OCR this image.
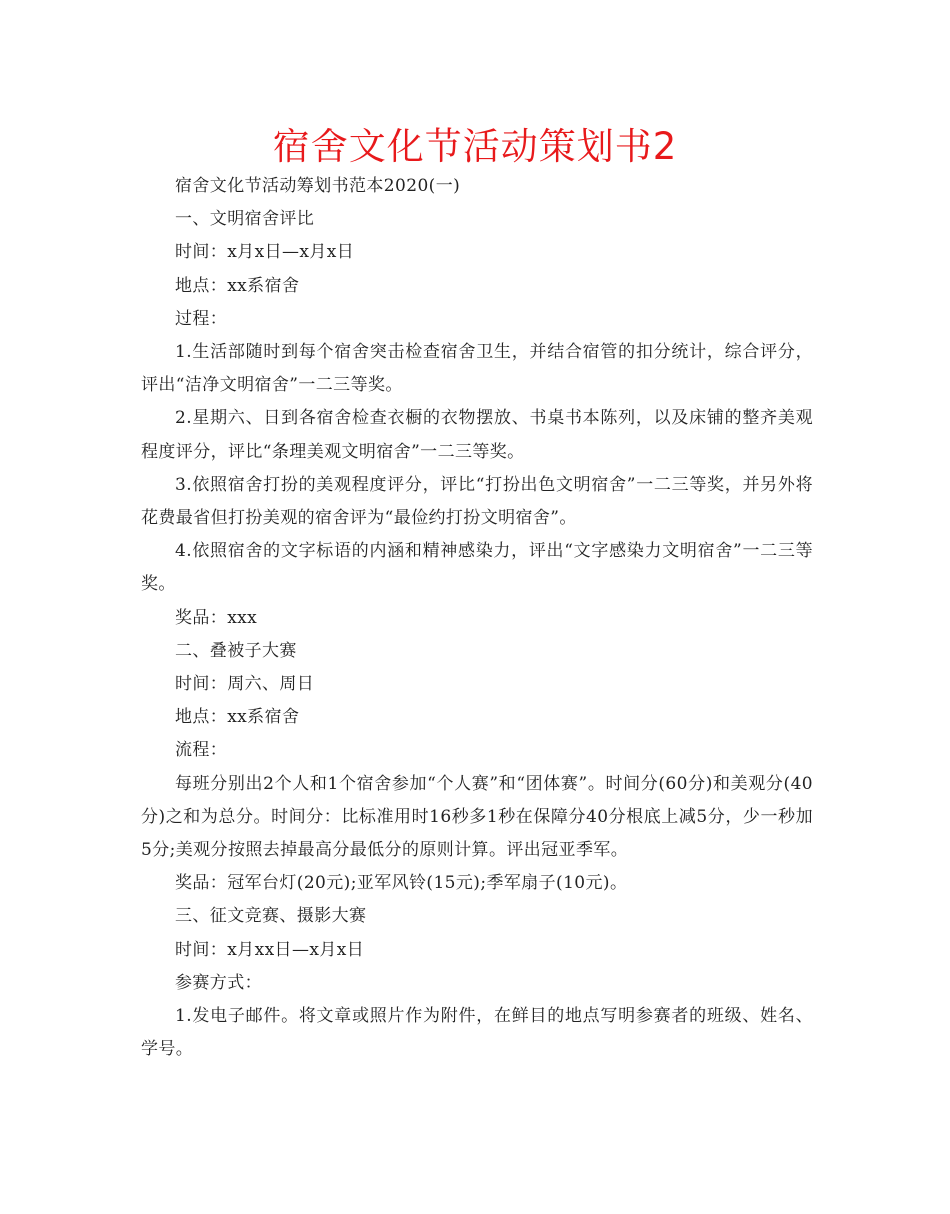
宿舍文化节活动策划书2

宿舍文化节活动筹划书范本2020(一)

一、文明宿舍评比

时间：x月x日—x月x日

地点：xx系宿舍

过程：

1.生活部随时到每个宿舍突击检查宿舍卫生，并结合宿管的扣分统计，综合评分，评出“洁净文明宿舍”一二三等奖。

2.星期六、日到各宿舍检查衣橱的衣物摆放、书桌书本陈列，以及床铺的整齐美观程度评分，评比“条理美观文明宿舍”一二三等奖。

3.依照宿舍打扮的美观程度评分，评比“打扮出色文明宿舍”一二三等奖，并另外将花费最省但打扮美观的宿舍评为“最俭约打扮文明宿舍”。

4.依照宿舍的文字标语的内涵和精神感染力，评出“文字感染力文明宿舍”一二三等奖。

奖品：xxx

二、叠被子大赛

时间：周六、周日

地点：xx系宿舍

流程：

每班分别出2个人和1个宿舍参加“个人赛”和“团体赛”。时间分(60分)和美观分(40分)之和为总分。时间分：比标准用时16秒多1秒在保障分40分根底上减5分，少一秒加5分;美观分按照去掉最高分最低分的原则计算。评出冠亚季军。

奖品：冠军台灯(20元);亚军风铃(15元);季军扇子(10元)。

三、征文竞赛、摄影大赛

时间：x月xx日—x月x日

参赛方式：

1.发电子邮件。将文章或照片作为附件，在鲜目的地点写明参赛者的班级、姓名、学号。
